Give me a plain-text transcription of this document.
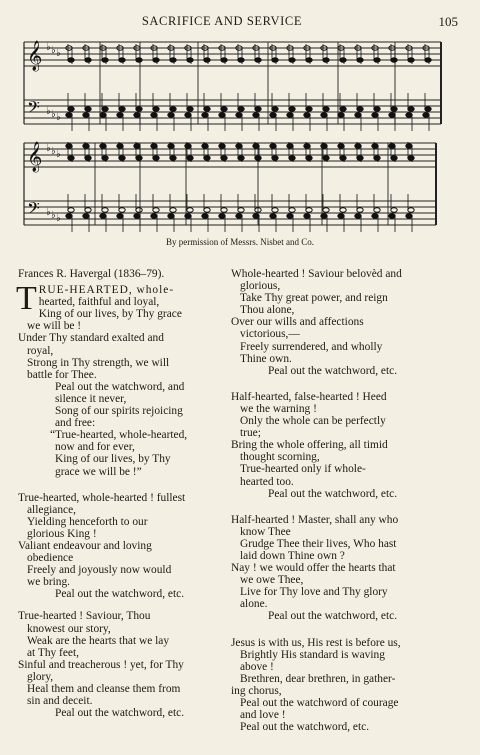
SACRIFICE AND SERVICE	105
𝄞
𝄢
♭
♭
♭
♭
♭
♭
𝄞
𝄢
♭
♭
♭
♭
♭
♭
By permission of Messrs. Nisbet and Co.
Frances R. Havergal (1836–79).
T RUE-HEARTED, whole-
hearted, faithful and loyal,
King of our lives, by Thy grace
we will be !
Under Thy standard exalted and
royal,
Strong in Thy strength, we will
battle for Thee.
Peal out the watchword, and
silence it never,
Song of our spirits rejoicing
and free:
“True-hearted, whole-hearted,
now and for ever,
King of our lives, by Thy
grace we will be !”
True-hearted, whole-hearted ! fullest
allegiance,
Yielding henceforth to our
glorious King !
Valiant endeavour and loving
obedience
Freely and joyously now would
we bring.
Peal out the watchword, etc.
True-hearted ! Saviour, Thou
knowest our story,
Weak are the hearts that we lay
at Thy feet,
Sinful and treacherous ! yet, for Thy
glory,
Heal them and cleanse them from
sin and deceit.
Peal out the watchword, etc.
Whole-hearted ! Saviour belovèd and
glorious,
Take Thy great power, and reign
Thou alone,
Over our wills and affections
victorious,—
Freely surrendered, and wholly
Thine own.
Peal out the watchword, etc.
Half-hearted, false-hearted ! Heed
we the warning !
Only the whole can be perfectly
true;
Bring the whole offering, all timid
thought scorning,
True-hearted only if whole-
hearted too.
Peal out the watchword, etc.
Half-hearted ! Master, shall any who
know Thee
Grudge Thee their lives, Who hast
laid down Thine own ?
Nay ! we would offer the hearts that
we owe Thee,
Live for Thy love and Thy glory
alone.
Peal out the watchword, etc.
Jesus is with us, His rest is before us,
Brightly His standard is waving
above !
Brethren, dear brethren, in gather-
ing chorus,
Peal out the watchword of courage
and love !
Peal out the watchword, etc.
